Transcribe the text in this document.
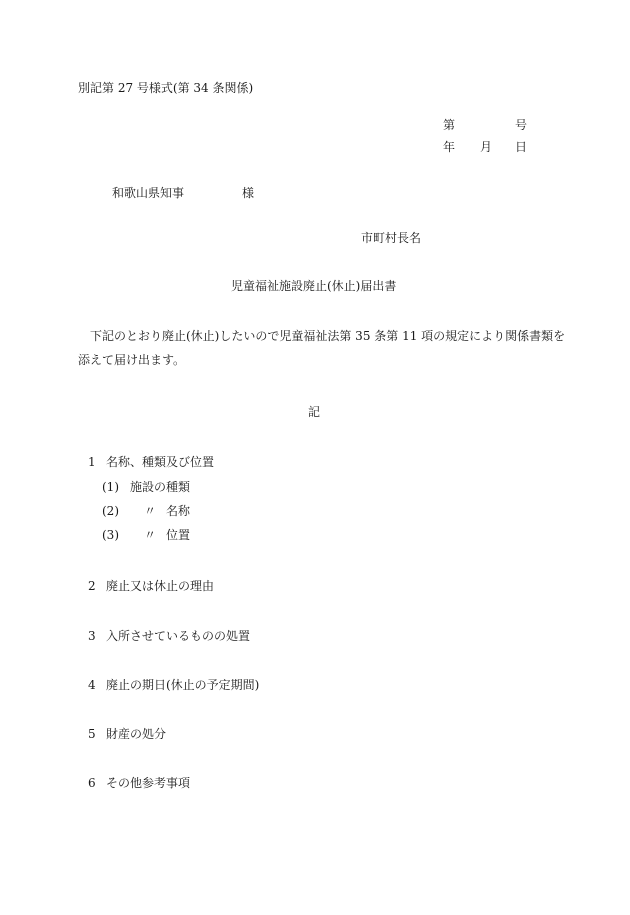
別記第 27 号様式(第 34 条関係)
第	号
年 月 日
和歌山県知事	様
市町村長名
児童福祉施設廃止(休止)届出書
下記のとおり廃止(休止)したいので児童福祉法第 35 条第 11 項の規定により関係書類を
添えて届け出ます。
記
1 名称、種類及び位置
(1) 施設の種類
(2) 〃 名称
(3) 〃 位置
2 廃止又は休止の理由
3 入所させているものの処置
4 廃止の期日(休止の予定期間)
5 財産の処分
6 その他参考事項
